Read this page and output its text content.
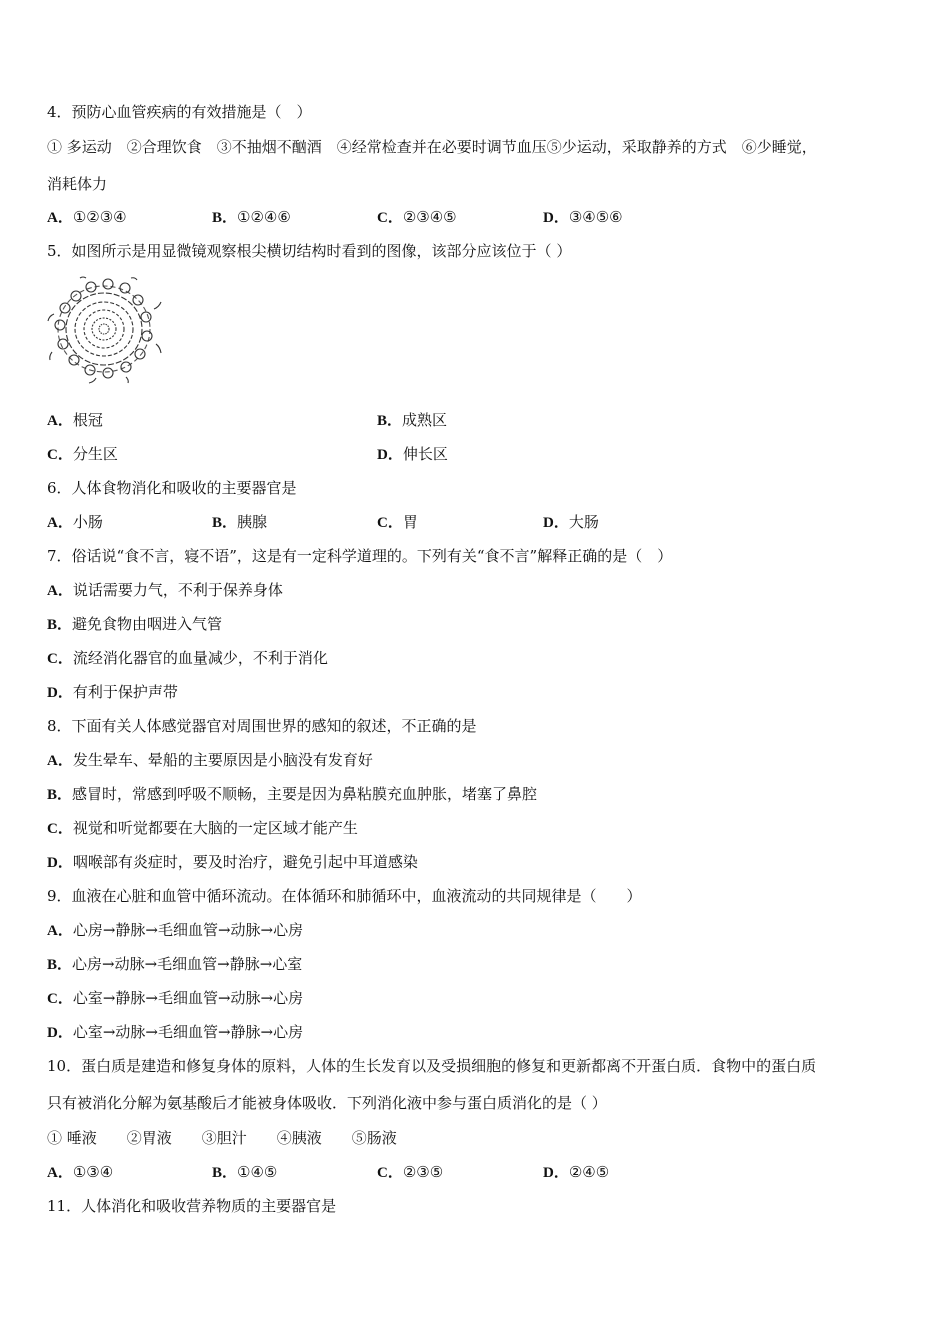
4．预防心血管疾病的有效措施是（　）
① 多运动　②合理饮食　③不抽烟不酗酒　④经常检查并在必要时调节血压⑤少运动，采取静养的方式　⑥少睡觉，
消耗体力
A．①②③④	B．①②④⑥	C．②③④⑤	D．③④⑤⑥
5．如图所示是用显微镜观察根尖横切结构时看到的图像，该部分应该位于（ ）
A．根冠	B．成熟区
C．分生区	D．伸长区
6．人体食物消化和吸收的主要器官是
A．小肠	B．胰腺	C．胃	D．大肠
7．俗话说“食不言，寝不语”，这是有一定科学道理的。下列有关“食不言”解释正确的是（　）
A．说话需要力气，不利于保养身体
B．避免食物由咽进入气管
C．流经消化器官的血量减少，不利于消化
D．有利于保护声带
8．下面有关人体感觉器官对周围世界的感知的叙述，不正确的是
A．发生晕车、晕船的主要原因是小脑没有发育好
B．感冒时，常感到呼吸不顺畅，主要是因为鼻粘膜充血肿胀，堵塞了鼻腔
C．视觉和听觉都要在大脑的一定区域才能产生
D．咽喉部有炎症时，要及时治疗，避免引起中耳道感染
9．血液在心脏和血管中循环流动。在体循环和肺循环中，血液流动的共同规律是（　　）
A．心房→静脉→毛细血管→动脉→心房
B．心房→动脉→毛细血管→静脉→心室
C．心室→静脉→毛细血管→动脉→心房
D．心室→动脉→毛细血管→静脉→心房
10．蛋白质是建造和修复身体的原料，人体的生长发育以及受损细胞的修复和更新都离不开蛋白质．食物中的蛋白质
只有被消化分解为氨基酸后才能被身体吸收．下列消化液中参与蛋白质消化的是（ ）
① 唾液　　②胃液　　③胆汁　　④胰液　　⑤肠液
A．①③④	B．①④⑤	C．②③⑤	D．②④⑤
11．人体消化和吸收营养物质的主要器官是
